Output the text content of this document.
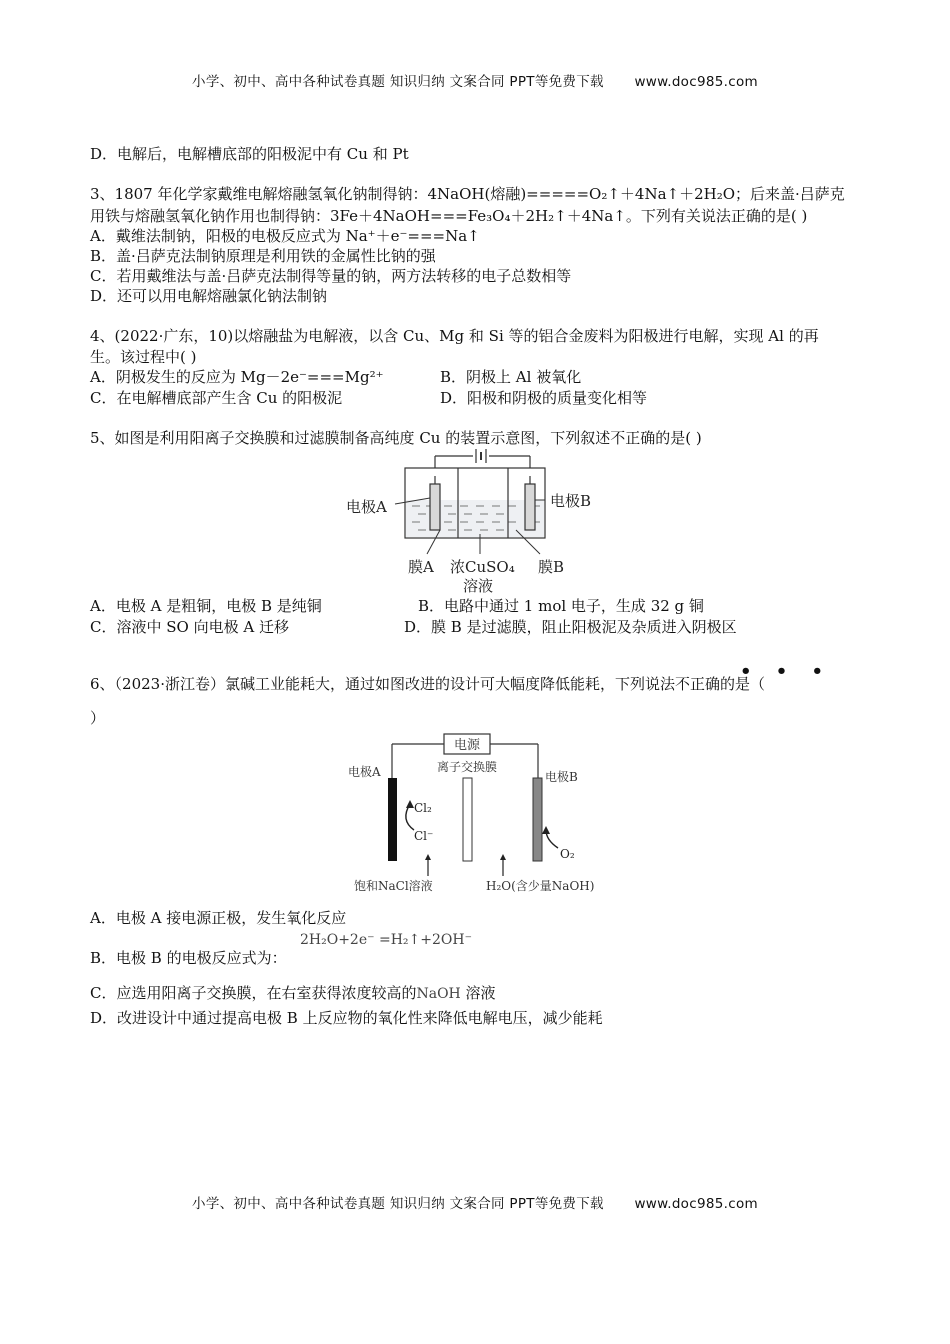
小学、初中、高中各种试卷真题 知识归纳 文案合同 PPT等免费下载 www.doc985.com
D．电解后，电解槽底部的阳极泥中有 Cu 和 Pt
3、1807 年化学家戴维电解熔融氢氧化钠制得钠：4NaOH(熔融)=====O₂↑＋4Na↑＋2H₂O；后来盖·吕萨克
用铁与熔融氢氧化钠作用也制得钠：3Fe＋4NaOH===Fe₃O₄＋2H₂↑＋4Na↑。下列有关说法正确的是( )
A．戴维法制钠，阳极的电极反应式为 Na⁺＋e⁻===Na↑
B．盖·吕萨克法制钠原理是利用铁的金属性比钠的强
C．若用戴维法与盖·吕萨克法制得等量的钠，两方法转移的电子总数相等
D．还可以用电解熔融氯化钠法制钠
4、(2022·广东，10)以熔融盐为电解液，以含 Cu、Mg 和 Si 等的铝合金废料为阳极进行电解，实现 Al 的再
生。该过程中( )
A．阴极发生的反应为 Mg－2e⁻===Mg²⁺	B．阴极上 Al 被氧化
C．在电解槽底部产生含 Cu 的阳极泥	D．阳极和阴极的质量变化相等
5、如图是利用阳离子交换膜和过滤膜制备高纯度 Cu 的装置示意图，下列叙述不正确的是( )
电极A	电极B
膜A 浓CuSO₄
溶液
膜B
A．电极 A 是粗铜，电极 B 是纯铜	B．电路中通过 1 mol 电子，生成 32 g 铜
C．溶液中 SO 向电极 A 迁移	D．膜 B 是过滤膜，阻止阳极泥及杂质进入阴极区
• • •
6、（2023·浙江卷）氯碱工业能耗大，通过如图改进的设计可大幅度降低能耗，下列说法不正确的是（
）
电源
离子交换膜
电极A	电极B
Cl₂
Cl⁻
O₂
饱和NaCl溶液	H₂O(含少量NaOH)
A．电极 A 接电源正极，发生氧化反应
2H₂O+2e⁻ =H₂↑+2OH⁻
B．电极 B 的电极反应式为：
C．应选用阳离子交换膜，在右室获得浓度较高的NaOH 溶液
D．改进设计中通过提高电极 B 上反应物的氧化性来降低电解电压，减少能耗
小学、初中、高中各种试卷真题 知识归纳 文案合同 PPT等免费下载 www.doc985.com
